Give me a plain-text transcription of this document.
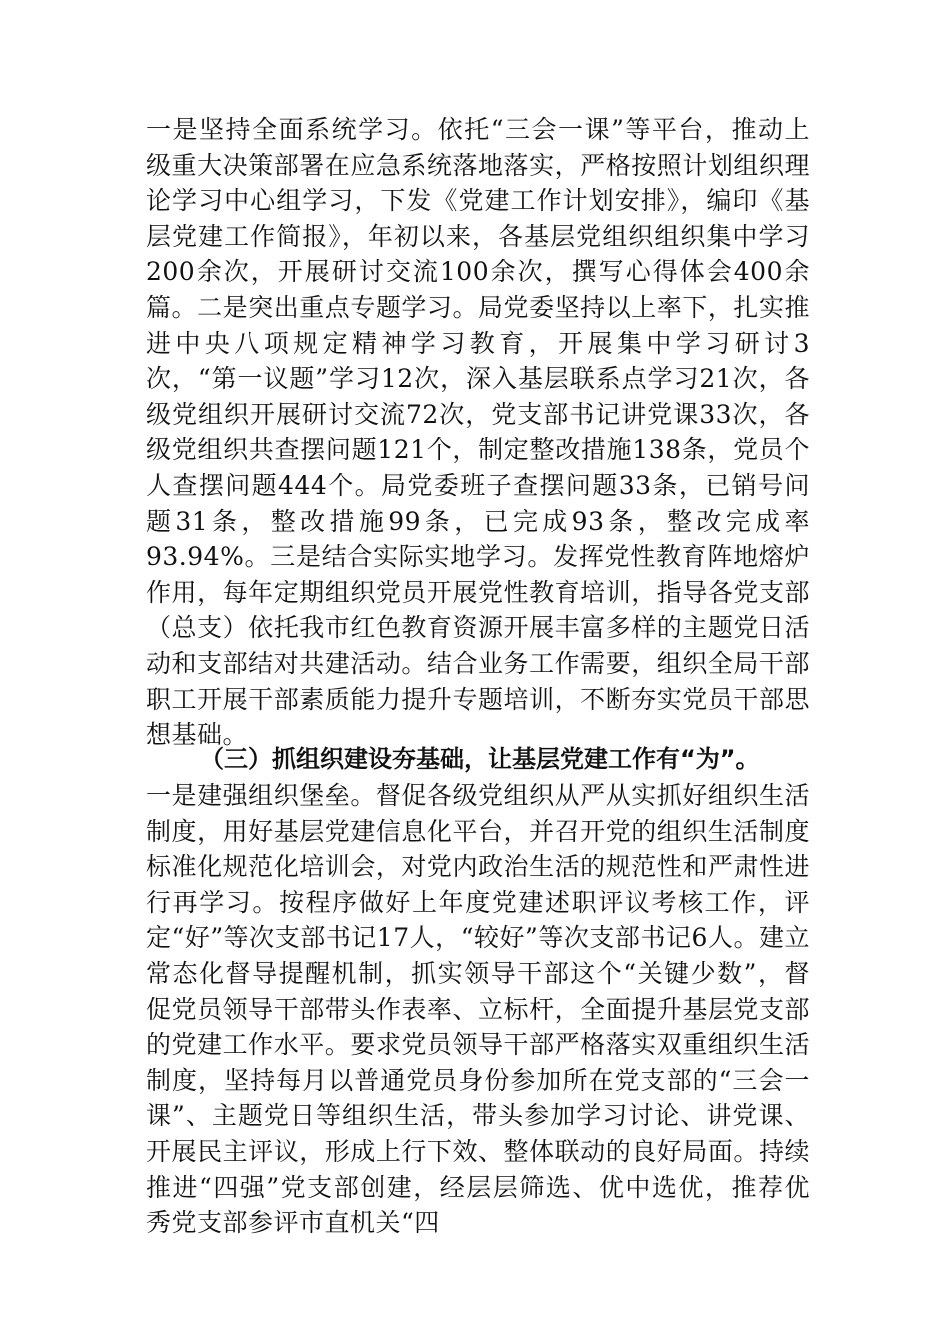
一是坚持全面系统学习。依托“三会一课”等平台，推动上级重大决策部署在应急系统落地落实，严格按照计划组织理论学习中心组学习，下发《党建工作计划安排》，编印《基层党建工作简报》，年初以来，各基层党组织组织集中学习200余次，开展研讨交流100余次，撰写心得体会400余篇。二是突出重点专题学习。局党委坚持以上率下，扎实推进中央八项规定精神学习教育，开展集中学习研讨3次，“第一议题”学习12次，深入基层联系点学习21次，各级党组织开展研讨交流72次，党支部书记讲党课33次，各级党组织共查摆问题121个，制定整改措施138条，党员个人查摆问题444个。局党委班子查摆问题33条，已销号问题31条，整改措施99条，已完成93条，整改完成率93.94%。三是结合实际实地学习。发挥党性教育阵地熔炉作用，每年定期组织党员开展党性教育培训，指导各党支部（总支）依托我市红色教育资源开展丰富多样的主题党日活动和支部结对共建活动。结合业务工作需要，组织全局干部职工开展干部素质能力提升专题培训，不断夯实党员干部思想基础。
（三）抓组织建设夯基础，让基层党建工作有“为”。
一是建强组织堡垒。督促各级党组织从严从实抓好组织生活制度，用好基层党建信息化平台，并召开党的组织生活制度标准化规范化培训会，对党内政治生活的规范性和严肃性进行再学习。按程序做好上年度党建述职评议考核工作，评定“好”等次支部书记17人，“较好”等次支部书记6人。建立常态化督导提醒机制，抓实领导干部这个“关键少数”，督促党员领导干部带头作表率、立标杆，全面提升基层党支部的党建工作水平。要求党员领导干部严格落实双重组织生活制度，坚持每月以普通党员身份参加所在党支部的“三会一课”、主题党日等组织生活，带头参加学习讨论、讲党课、开展民主评议，形成上行下效、整体联动的良好局面。持续推进“四强”党支部创建，经层层筛选、优中选优，推荐优秀党支部参评市直机关“四
